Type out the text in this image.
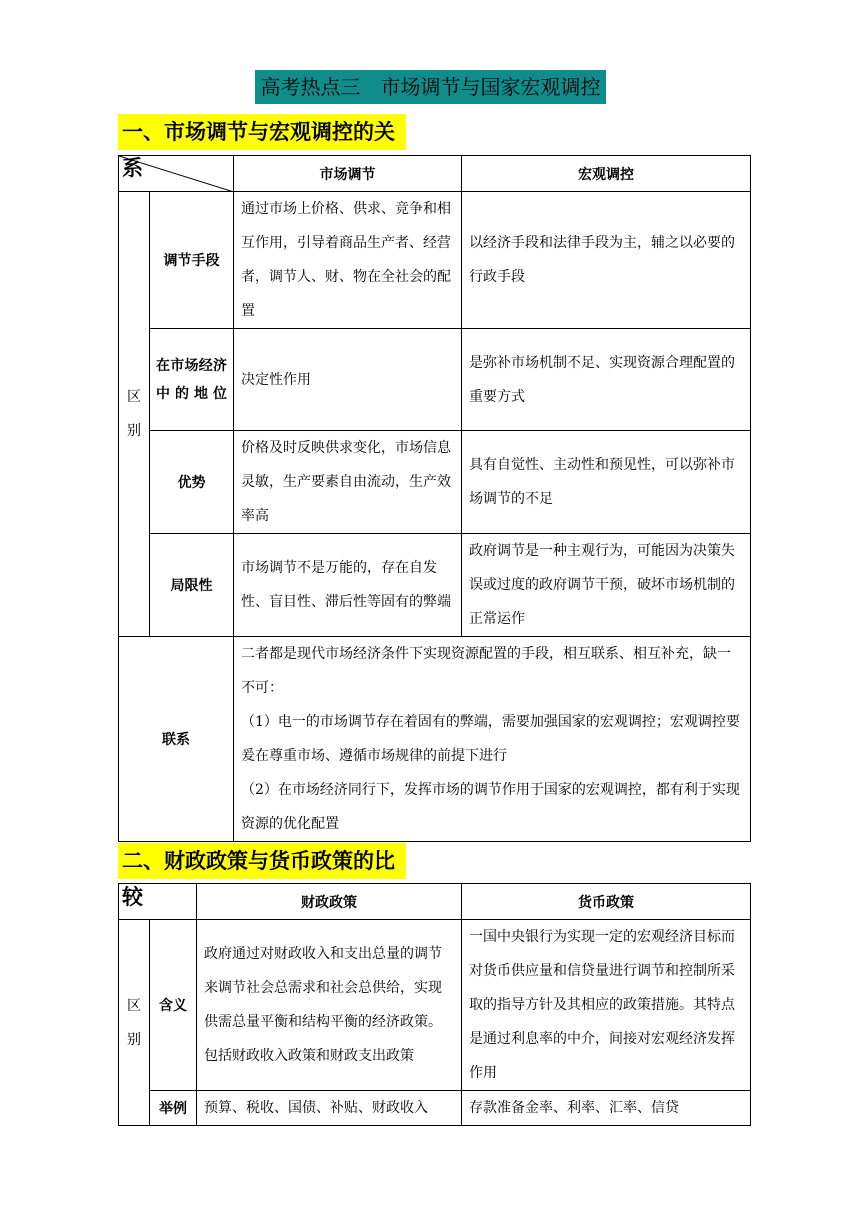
高考热点三　市场调节与国家宏观调控
一、市场调节与宏观调控的关系
		市场调节	宏观调控
区别	调节手段	通过市场上价格、供求、竞争和相互作用，引导着商品生产者、经营者，调节人、财、物在全社会的配置	以经济手段和法律手段为主，辅之以必要的行政手段
	在市场经济中的地位	决定性作用	是弥补市场机制不足、实现资源合理配置的重要方式
	优势	价格及时反映供求变化，市场信息灵敏，生产要素自由流动，生产效率高	具有自觉性、主动性和预见性，可以弥补市场调节的不足
	局限性	市场调节不是万能的，存在自发性、盲目性、滞后性等固有的弊端	政府调节是一种主观行为，可能因为决策失误或过度的政府调节干预，破坏市场机制的正常运作
联系		二者都是现代市场经济条件下实现资源配置的手段，相互联系、相互补充，缺一不可：
（1）电一的市场调节存在着固有的弊端，需要加强国家的宏观调控；宏观调控要爰在尊重市场、遵循市场规律的前提下进行
（2）在市场经济同行下，发挥市场的调节作用于国家的宏观调控，都有利于实现资源的优化配置	
二、财政政策与货币政策的比较
		财政政策	货币政策
区别	含义	政府通过对财政收入和支出总量的调节来调节社会总需求和社会总供给，实现供需总量平衡和结构平衡的经济政策。包括财政收入政策和财政支出政策	一国中央银行为实现一定的宏观经济目标而对货币供应量和信贷量进行调节和控制所采取的指导方针及其相应的政策措施。其特点是通过利息率的中介，间接对宏观经济发挥作用
	举例	预算、税收、国债、补贴、财政收入	存款准备金率、利率、汇率、信贷
